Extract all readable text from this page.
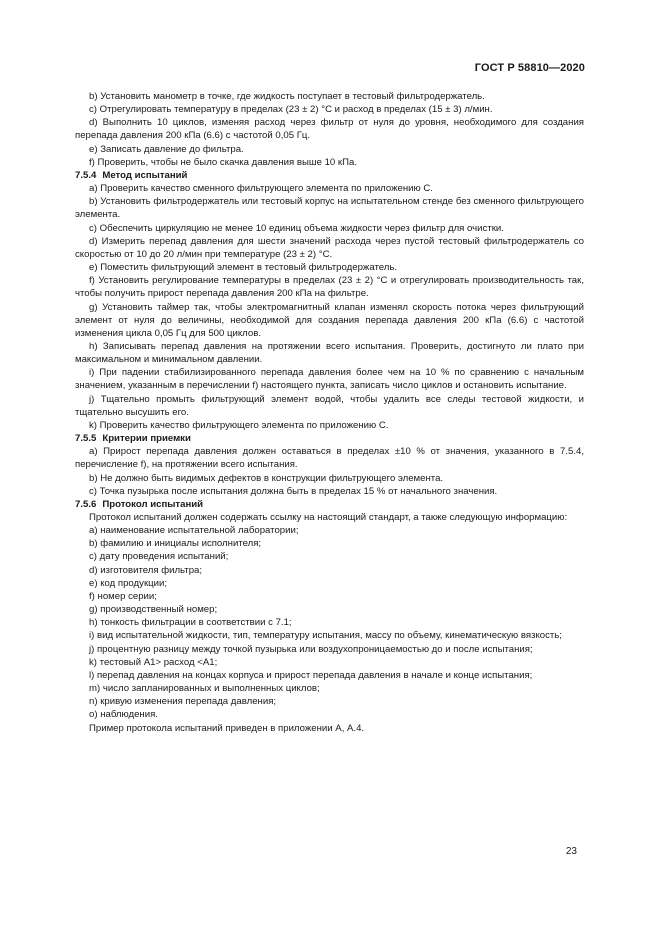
ГОСТ Р 58810—2020

b) Установить манометр в точке, где жидкость поступает в тестовый фильтродержатель.

с) Отрегулировать температуру в пределах (23 ± 2) °С и расход в пределах (15 ± 3) л/мин.

d) Выполнить 10 циклов, изменяя расход через фильтр от нуля до уровня, необходимого для создания перепада давления 200 кПа (6.6) с частотой 0,05 Гц.

е) Записать давление до фильтра.

f) Проверить, чтобы не было скачка давления выше 10 кПа.

7.5.4 Метод испытаний

a) Проверить качество сменного фильтрующего элемента по приложению С.

b) Установить фильтродержатель или тестовый корпус на испытательном стенде без сменного фильтрующего элемента.

с) Обеспечить циркуляцию не менее 10 единиц объема жидкости через фильтр для очистки.

d) Измерить перепад давления для шести значений расхода через пустой тестовый фильтродержатель со скоростью от 10 до 20 л/мин при температуре (23 ± 2) °С.

е) Поместить фильтрующий элемент в тестовый фильтродержатель.

f) Установить регулирование температуры в пределах (23 ± 2) °С и отрегулировать производительность так, чтобы получить прирост перепада давления 200 кПа на фильтре.

g) Установить таймер так, чтобы электромагнитный клапан изменял скорость потока через фильтрующий элемент от нуля до величины, необходимой для создания перепада давления 200 кПа (6.6) с частотой изменения цикла 0,05 Гц для 500 циклов.

h) Записывать перепад давления на протяжении всего испытания. Проверить, достигнуто ли плато при максимальном и минимальном давлении.

i) При падении стабилизированного перепада давления более чем на 10 % по сравнению с начальным значением, указанным в перечислении f) настоящего пункта, записать число циклов и остановить испытание.

j) Тщательно промыть фильтрующий элемент водой, чтобы удалить все следы тестовой жидкости, и тщательно высушить его.

k) Проверить качество фильтрующего элемента по приложению С.

7.5.5 Критерии приемки

a) Прирост перепада давления должен оставаться в пределах ±10 % от значения, указанного в 7.5.4, перечисление f), на протяжении всего испытания.

b) Не должно быть видимых дефектов в конструкции фильтрующего элемента.

с) Точка пузырька после испытания должна быть в пределах 15 % от начального значения.

7.5.6 Протокол испытаний

Протокол испытаний должен содержать ссылку на настоящий стандарт, а также следующую информацию:

a) наименование испытательной лаборатории;

b) фамилию и инициалы исполнителя;

с) дату проведения испытаний;

d) изготовителя фильтра;

е) код продукции;

f) номер серии;

g) производственный номер;

h) тонкость фильтрации в соответствии с 7.1;

i) вид испытательной жидкости, тип, температуру испытания, массу по объему, кинематическую вязкость;

j) процентную разницу между точкой пузырька или воздухопроницаемостью до и после испытания;

k) тестовый А1> расход <А1;

l) перепад давления на концах корпуса и прирост перепада давления в начале и конце испытания;

m) число запланированных и выполненных циклов;

n) кривую изменения перепада давления;

о) наблюдения.

Пример протокола испытаний приведен в приложении А, А.4.

23
